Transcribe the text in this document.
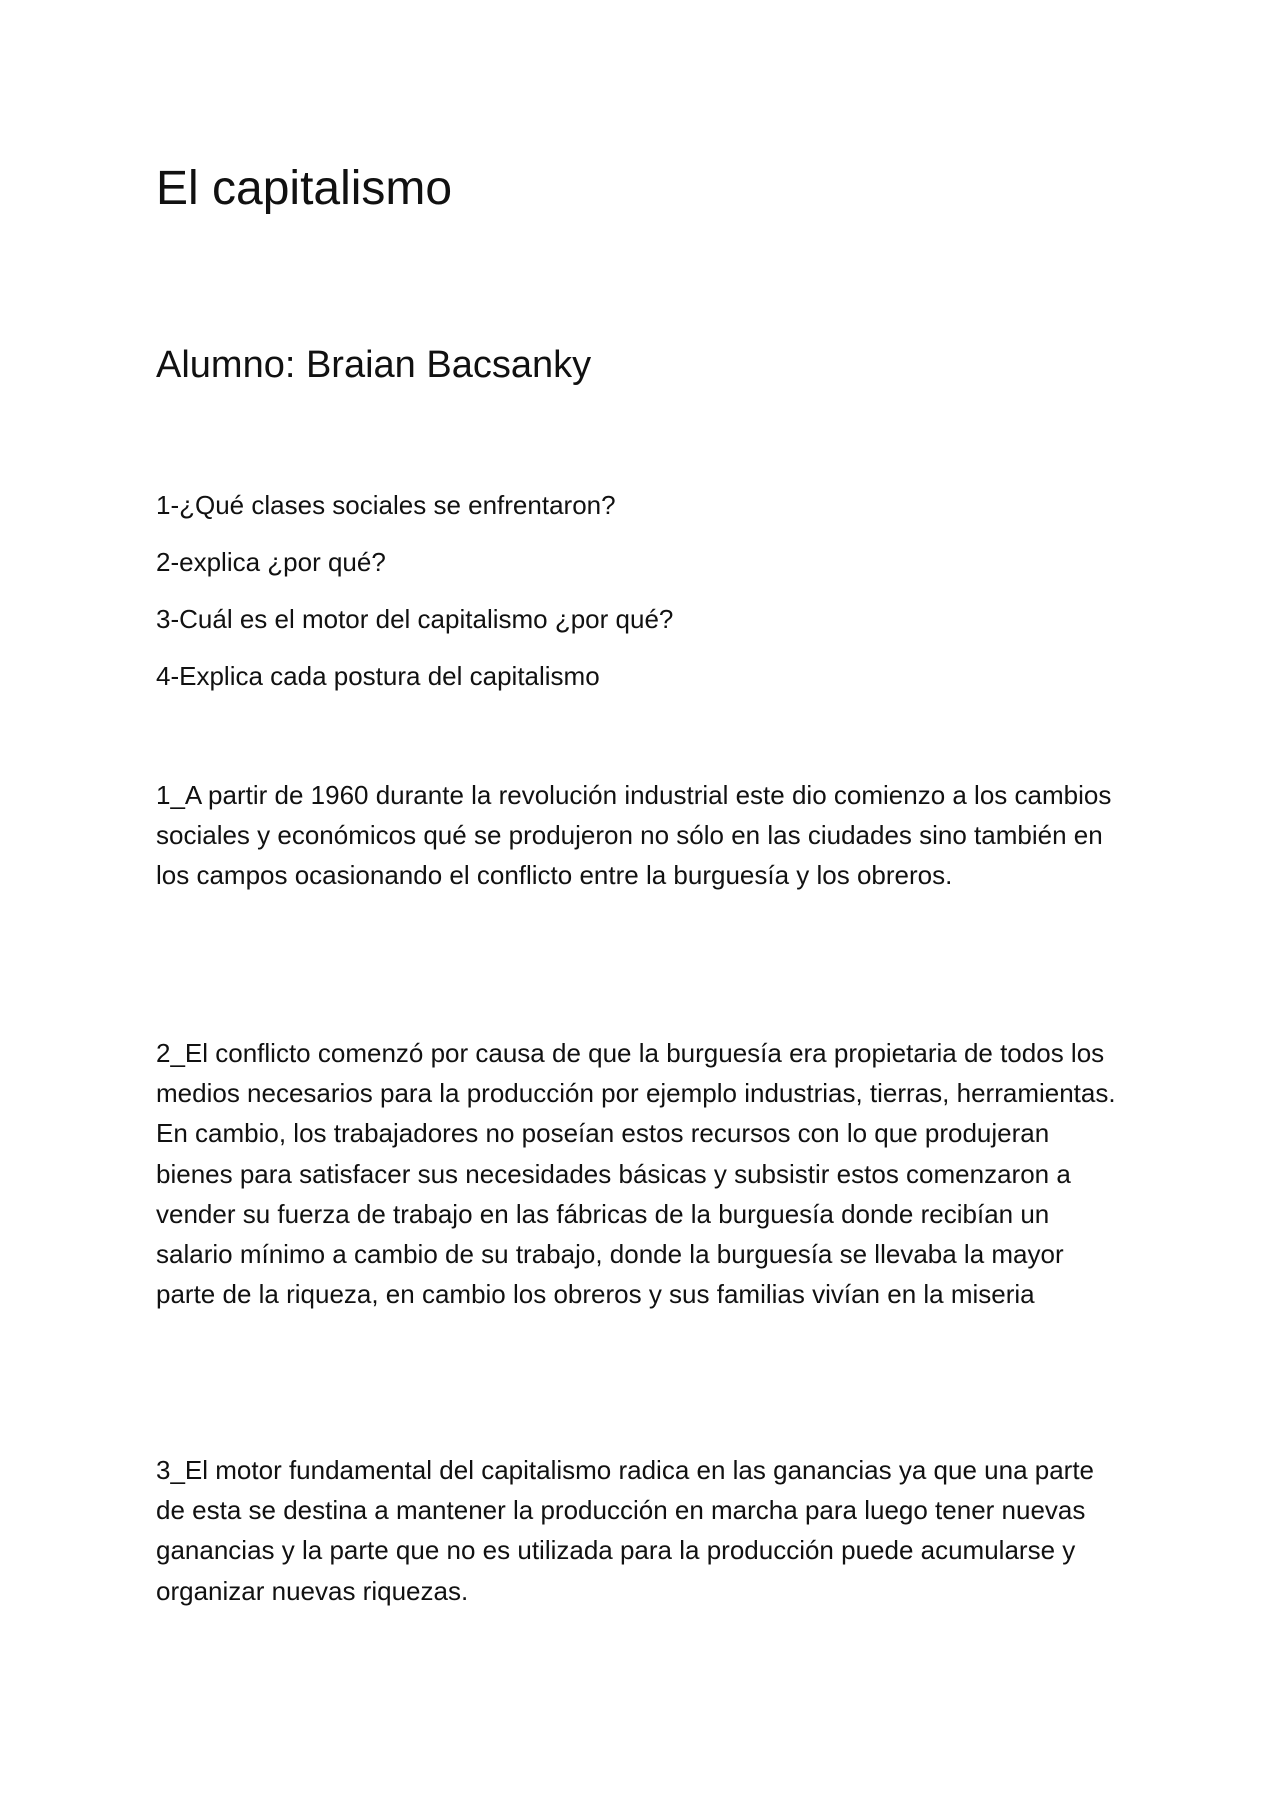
El capitalismo
Alumno: Braian Bacsanky
1-¿Qué clases sociales se enfrentaron?
2-explica ¿por qué?
3-Cuál es el motor del capitalismo ¿por qué?
4-Explica cada postura del capitalismo

1_A partir de 1960 durante la revolución industrial este dio comienzo a los cambios sociales y económicos qué se produjeron no sólo en las ciudades sino también en los campos ocasionando el conflicto entre la burguesía y los obreros.

2_El conflicto comenzó por causa de que la burguesía era propietaria de todos los medios necesarios para la producción por ejemplo industrias, tierras, herramientas. En cambio, los trabajadores no poseían estos recursos con lo que produjeran bienes para satisfacer sus necesidades básicas y subsistir estos comenzaron a vender su fuerza de trabajo en las fábricas de la burguesía donde recibían un salario mínimo a cambio de su trabajo, donde la burguesía se llevaba la mayor parte de la riqueza, en cambio los obreros y sus familias vivían en la miseria

3_El motor fundamental del capitalismo radica en las ganancias ya que una parte de esta se destina a mantener la producción en marcha para luego tener nuevas ganancias y la parte que no es utilizada para la producción puede acumularse y organizar nuevas riquezas.
